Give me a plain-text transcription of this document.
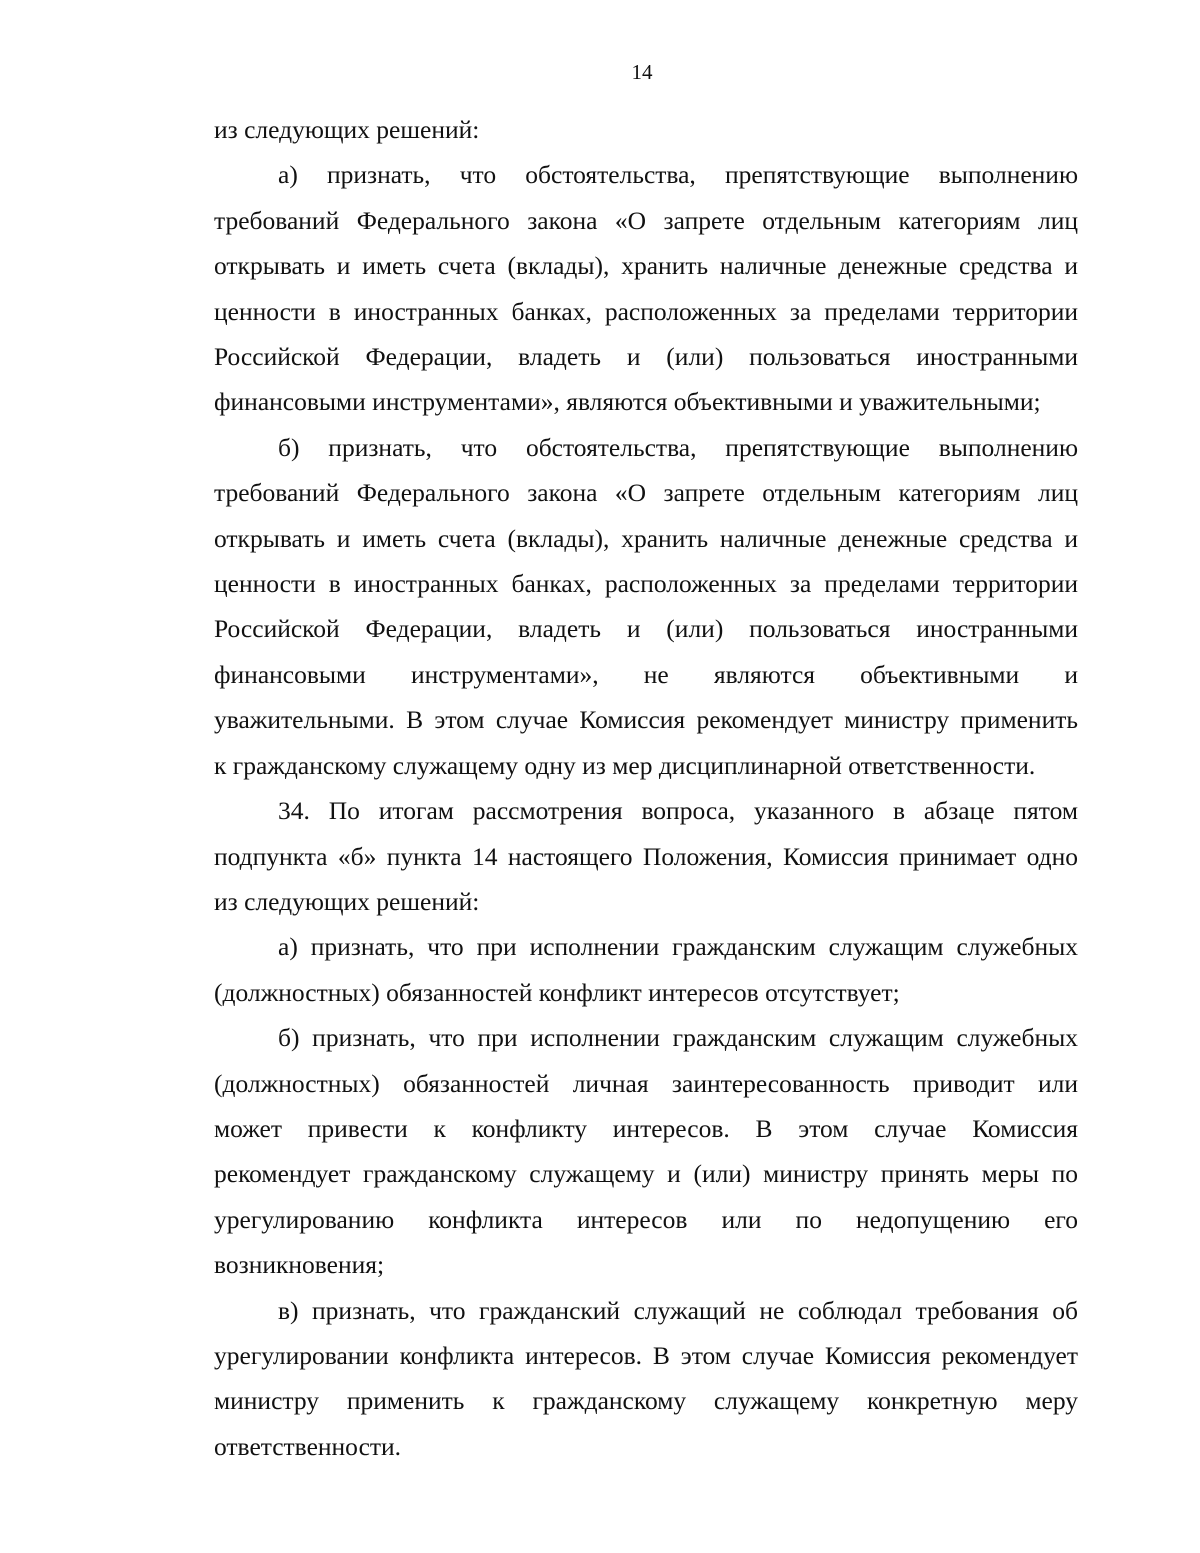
14
из следующих решений:
а) признать, что обстоятельства, препятствующие выполнению
требований Федерального закона «О запрете отдельным категориям лиц
открывать и иметь счета (вклады), хранить наличные денежные средства и
ценности в иностранных банках, расположенных за пределами территории
Российской Федерации, владеть и (или) пользоваться иностранными
финансовыми инструментами», являются объективными и уважительными;
б) признать, что обстоятельства, препятствующие выполнению
требований Федерального закона «О запрете отдельным категориям лиц
открывать и иметь счета (вклады), хранить наличные денежные средства и
ценности в иностранных банках, расположенных за пределами территории
Российской Федерации, владеть и (или) пользоваться иностранными
финансовыми инструментами», не являются объективными и
уважительными. В этом случае Комиссия рекомендует министру применить
к гражданскому служащему одну из мер дисциплинарной ответственности.
34. По итогам рассмотрения вопроса, указанного в абзаце пятом
подпункта «б» пункта 14 настоящего Положения, Комиссия принимает одно
из следующих решений:
а) признать, что при исполнении гражданским служащим служебных
(должностных) обязанностей конфликт интересов отсутствует;
б) признать, что при исполнении гражданским служащим служебных
(должностных) обязанностей личная заинтересованность приводит или
может привести к конфликту интересов. В этом случае Комиссия
рекомендует гражданскому служащему и (или) министру принять меры по
урегулированию конфликта интересов или по недопущению его
возникновения;
в) признать, что гражданский служащий не соблюдал требования об
урегулировании конфликта интересов. В этом случае Комиссия рекомендует
министру применить к гражданскому служащему конкретную меру
ответственности.
